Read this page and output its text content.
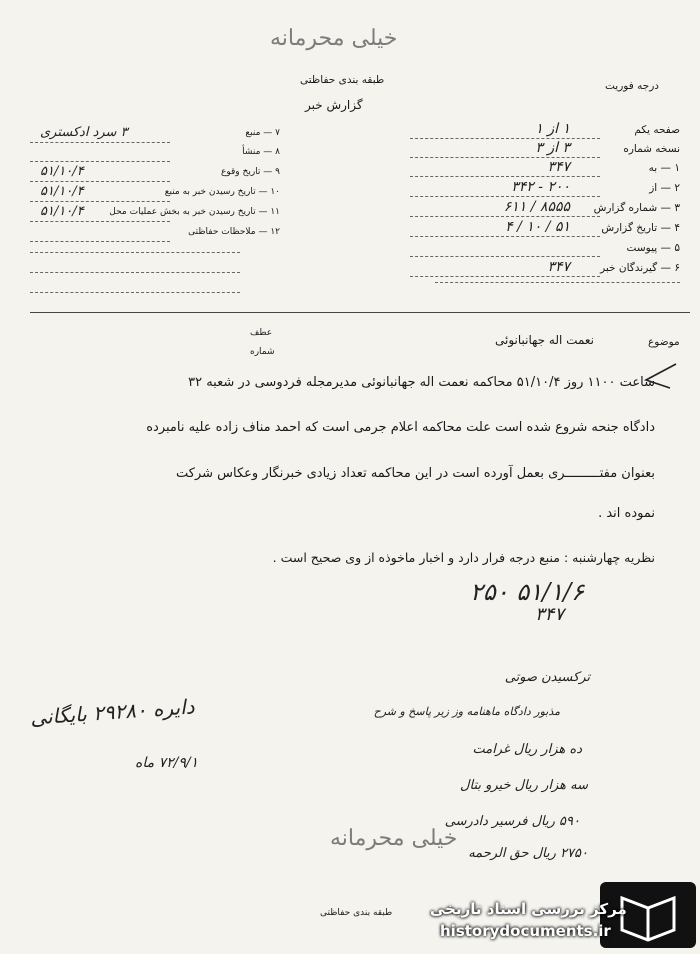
خیلی محرمانه
طبقه بندی حفاظتی
گزارش خبر
درجه فوریت
صفحه یکم
۱ از ۱
نسخه شماره
۳ از ۳
۱ — به
۳۴۷
۲ — از
۲۰۰ - ۳۴۲
۳ — شماره گزارش
۸۵۵۵ / ۶۱۱
۴ — تاریخ گزارش
۵۱ / ۱۰ / ۴
۵ — پیوست
۶ — گیرندگان خبر
۳۴۷
۷ — منبع
۳ سرد ادکستری
۸ — منشأ
۹ — تاریخ وقوع
۵۱/۱۰/۴
۱۰ — تاریخ رسیدن خبر به منبع
۵۱/۱۰/۴
۱۱ — تاریخ رسیدن خبر به بخش عملیات محل
۵۱/۱۰/۴
۱۲ — ملاحظات حفاظتی
موضوع
نعمت اله جهانبانوئی
عطف
شماره
ساعت ۱۱۰۰ روز ۵۱/۱۰/۴ محاکمه نعمت اله جهانبانوئی مدیرمجله فردوسی در شعبه ۳۲
دادگاه جنحه شروع شده است علت محاکمه اعلام جرمی است که احمد مناف زاده علیه نامبرده
بعنوان مفتـــــــــری بعمل آورده است در این محاکمه تعداد زیادی خبرنگار وعکاس شرکت
نموده اند .
نظریه چهارشنبه : منبع درجه فرار دارد و اخبار ماخوذه از وی صحیح است .
۵۱/۱/۶ ۲۵۰
۳۴۷
ترکسیدن صوتی
مذبور دادگاه ماهنامه وز زیر پاسخ و شرح
ده هزار ریال غرامت
سه هزار ریال خیرو بتال
۵۹۰ ریال فرسیر دادرسی
۲۷۵۰ ریال حق الرحمه
دایره ۲۹۲۸۰ بایگانی
۷۲/۹/۱ ماه
خیلی محرمانه
طبقه بندی حفاظتی	مرکز بررسی اسناد تاریخی
historydocuments.ir
